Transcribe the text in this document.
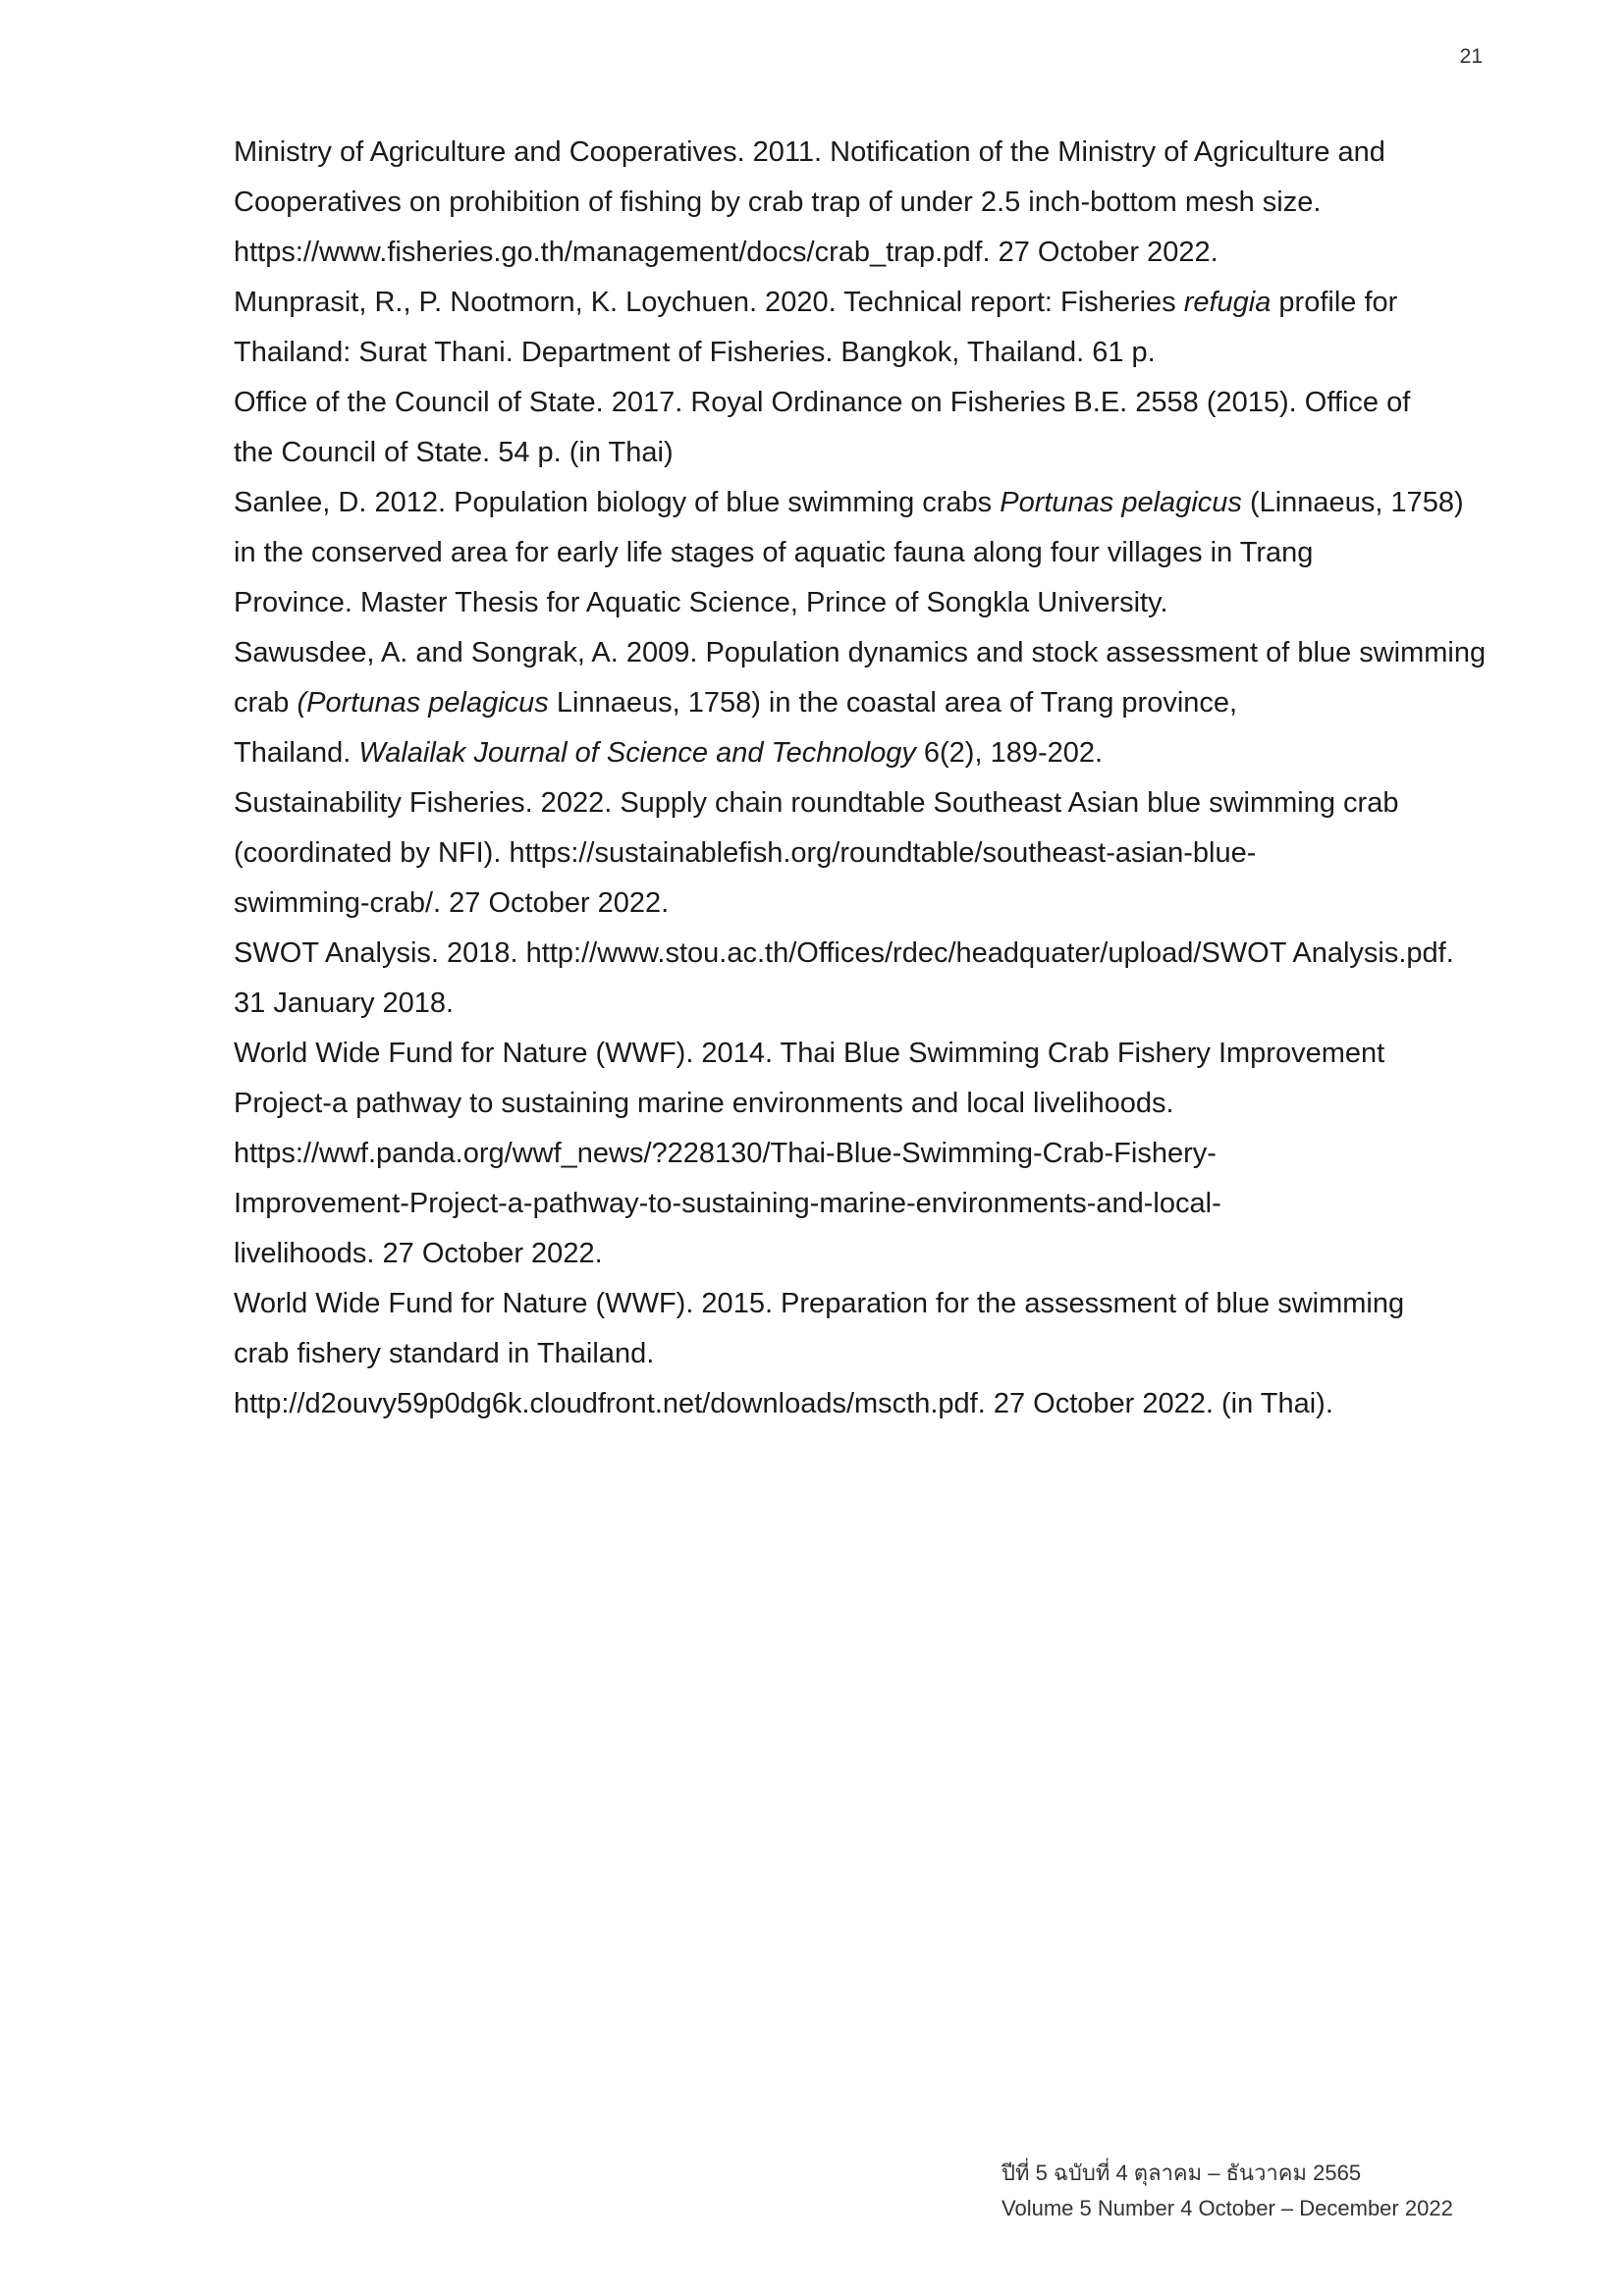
21

Ministry of Agriculture and Cooperatives. 2011. Notification of the Ministry of Agriculture and
Cooperatives on prohibition of fishing by crab trap of under 2.5 inch-bottom mesh size.
https://www.fisheries.go.th/management/docs/crab_trap.pdf. 27 October 2022.

Munprasit, R., P. Nootmorn, K. Loychuen. 2020. Technical report: Fisheries refugia profile for
Thailand: Surat Thani. Department of Fisheries. Bangkok, Thailand. 61 p.

Office of the Council of State. 2017. Royal Ordinance on Fisheries B.E. 2558 (2015). Office of
the Council of State. 54 p. (in Thai)

Sanlee, D. 2012. Population biology of blue swimming crabs Portunas pelagicus (Linnaeus, 1758)
in the conserved area for early life stages of aquatic fauna along four villages in Trang
Province. Master Thesis for Aquatic Science, Prince of Songkla University.

Sawusdee, A. and Songrak, A. 2009. Population dynamics and stock assessment of blue swimming
crab (Portunas pelagicus Linnaeus, 1758) in the coastal area of Trang province,
Thailand. Walailak Journal of Science and Technology 6(2), 189-202.

Sustainability Fisheries. 2022. Supply chain roundtable Southeast Asian blue swimming crab
(coordinated by NFI). https://sustainablefish.org/roundtable/southeast-asian-blue-
swimming-crab/. 27 October 2022.

SWOT Analysis. 2018. http://www.stou.ac.th/Offices/rdec/headquater/upload/SWOT Analysis.pdf.
31 January 2018.

World Wide Fund for Nature (WWF). 2014. Thai Blue Swimming Crab Fishery Improvement
Project-a pathway to sustaining marine environments and local livelihoods.
https://wwf.panda.org/wwf_news/?228130/Thai-Blue-Swimming-Crab-Fishery-
Improvement-Project-a-pathway-to-sustaining-marine-environments-and-local-
livelihoods. 27 October 2022.

World Wide Fund for Nature (WWF). 2015. Preparation for the assessment of blue swimming
crab fishery standard in Thailand.
http://d2ouvy59p0dg6k.cloudfront.net/downloads/mscth.pdf. 27 October 2022. (in Thai).

ปีที่ 5 ฉบับที่ 4 ตุลาคม – ธันวาคม 2565
Volume 5 Number 4 October – December 2022
